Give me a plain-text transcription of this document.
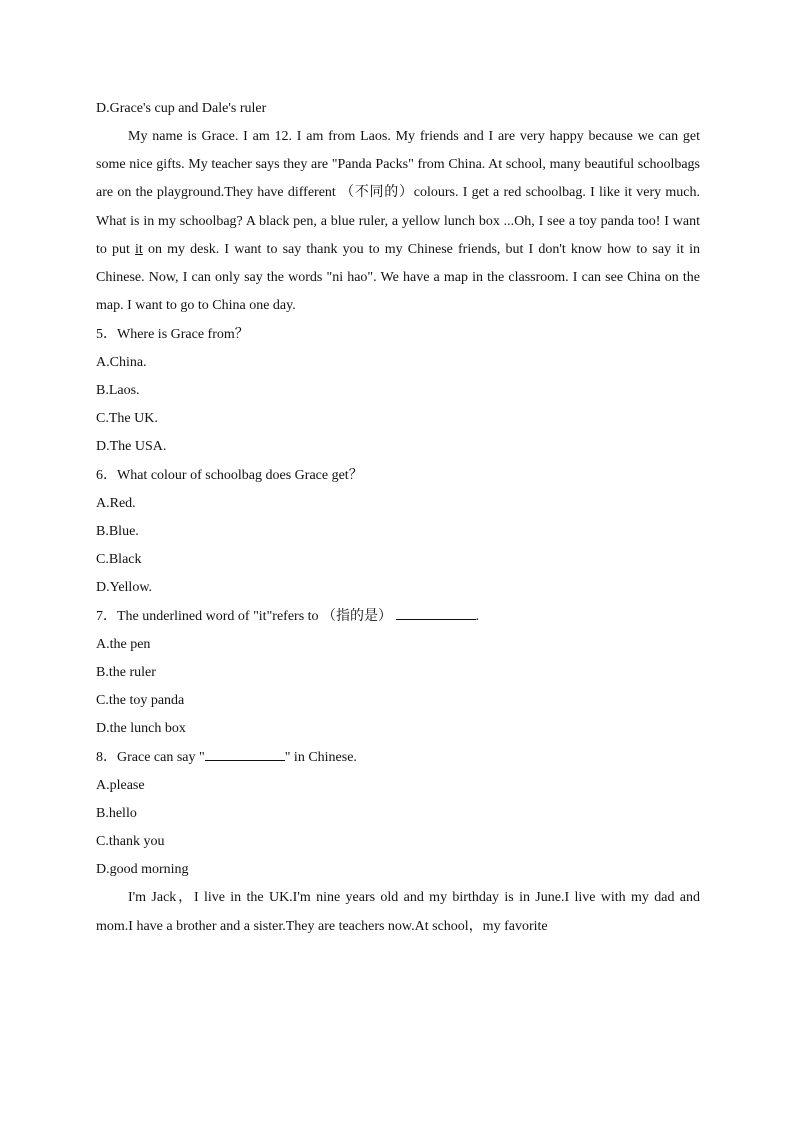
D.Grace's cup and Dale's ruler

My name is Grace. I am 12. I am from Laos. My friends and I are very happy because we can get some nice gifts. My teacher says they are "Panda Packs" from China. At school, many beautiful schoolbags are on the playground.They have different （不同的）colours. I get a red schoolbag. I like it very much. What is in my schoolbag? A black pen, a blue ruler, a yellow lunch box ...Oh, I see a toy panda too! I want to put it on my desk. I want to say thank you to my Chinese friends, but I don't know how to say it in Chinese. Now, I can only say the words "ni hao". We have a map in the classroom. I can see China on the map. I want to go to China one day.

5．Where is Grace from？
A.China.
B.Laos.
C.The UK.
D.The USA.
6．What colour of schoolbag does Grace get？
A.Red.
B.Blue.
C.Black
D.Yellow.
7．The underlined word of "it"refers to （指的是）	.
A.the pen
B.the ruler
C.the toy panda
D.the lunch box
8．Grace can say "	" in Chinese.
A.please
B.hello
C.thank you
D.good morning

I'm Jack，I live in the UK.I'm nine years old and my birthday is in June.I live with my dad and mom.I have a brother and a sister.They are teachers now.At school，my favorite
